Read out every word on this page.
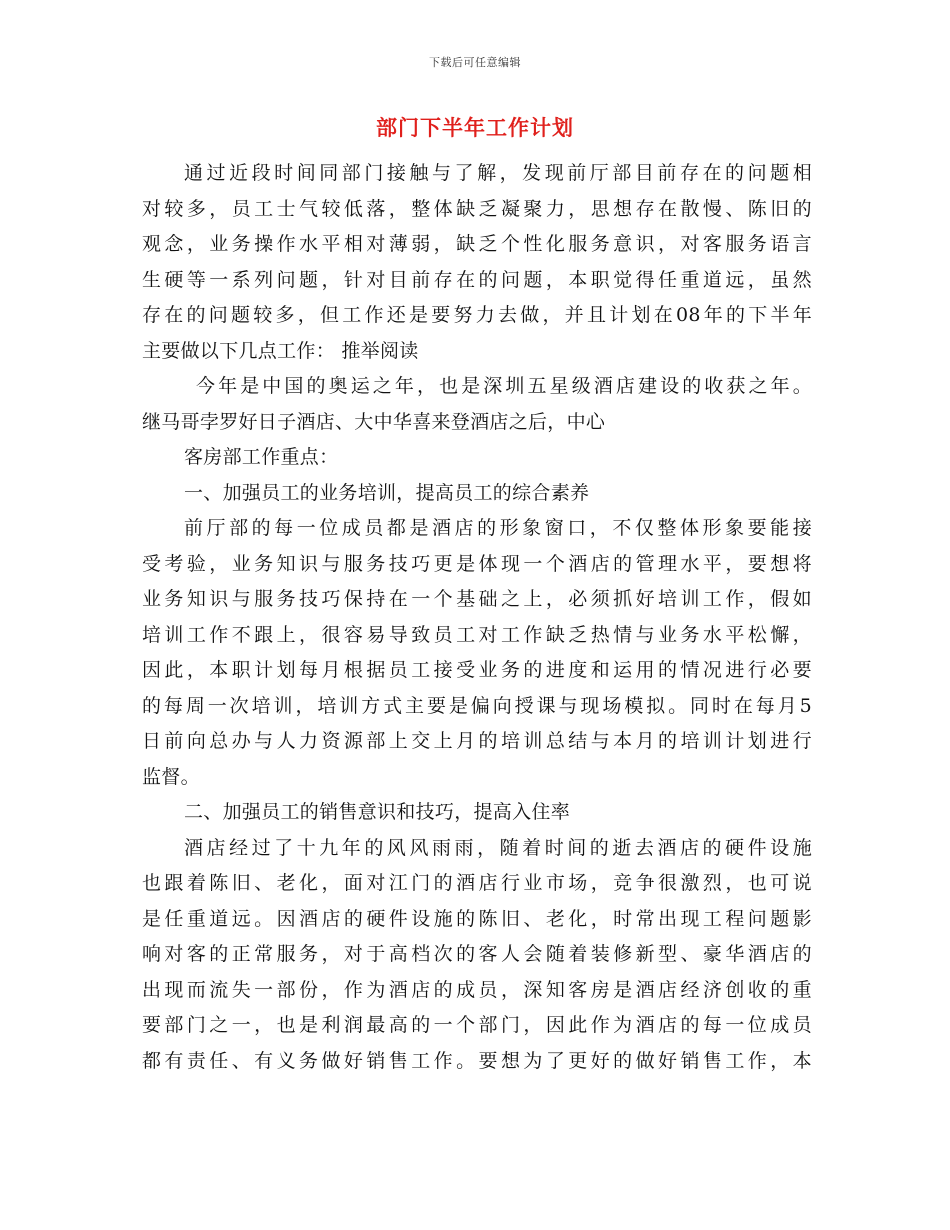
下载后可任意编辑
部门下半年工作计划
通过近段时间同部门接触与了解，发现前厅部目前存在的问题相
对较多，员工士气较低落，整体缺乏凝聚力，思想存在散慢、陈旧的
观念，业务操作水平相对薄弱，缺乏个性化服务意识，对客服务语言
生硬等一系列问题，针对目前存在的问题，本职觉得任重道远，虽然
存在的问题较多，但工作还是要努力去做，并且计划在08年的下半年
主要做以下几点工作： 推举阅读
今年是中国的奥运之年，也是深圳五星级酒店建设的收获之年。
继马哥孛罗好日子酒店、大中华喜来登酒店之后，中心
客房部工作重点：
一、加强员工的业务培训，提高员工的综合素养
前厅部的每一位成员都是酒店的形象窗口，不仅整体形象要能接
受考验，业务知识与服务技巧更是体现一个酒店的管理水平，要想将
业务知识与服务技巧保持在一个基础之上，必须抓好培训工作，假如
培训工作不跟上，很容易导致员工对工作缺乏热情与业务水平松懈，
因此，本职计划每月根据员工接受业务的进度和运用的情况进行必要
的每周一次培训，培训方式主要是偏向授课与现场模拟。同时在每月5
日前向总办与人力资源部上交上月的培训总结与本月的培训计划进行
监督。
二、加强员工的销售意识和技巧，提高入住率
酒店经过了十九年的风风雨雨，随着时间的逝去酒店的硬件设施
也跟着陈旧、老化，面对江门的酒店行业市场，竞争很激烈，也可说
是任重道远。因酒店的硬件设施的陈旧、老化，时常出现工程问题影
响对客的正常服务，对于高档次的客人会随着装修新型、豪华酒店的
出现而流失一部份，作为酒店的成员，深知客房是酒店经济创收的重
要部门之一，也是利润最高的一个部门，因此作为酒店的每一位成员
都有责任、有义务做好销售工作。要想为了更好的做好销售工作，本
